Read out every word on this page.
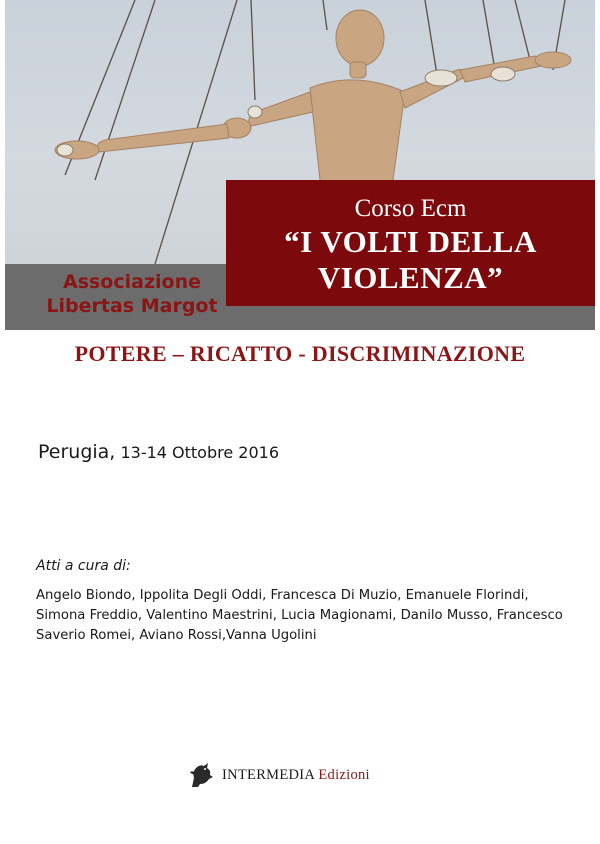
Associazione Libertas Margot
Corso Ecm
“I VOLTI DELLA VIOLENZA”
POTERE – RICATTO - DISCRIMINAZIONE
Perugia, 13-14 Ottobre 2016
Atti a cura di:
Angelo Biondo, Ippolita Degli Oddi, Francesca Di Muzio, Emanuele Florindi, Simona Freddio, Valentino Maestrini, Lucia Magionami, Danilo Musso, Francesco Saverio Romei, Aviano Rossi,Vanna Ugolini
INTERMEDIA Edizioni
